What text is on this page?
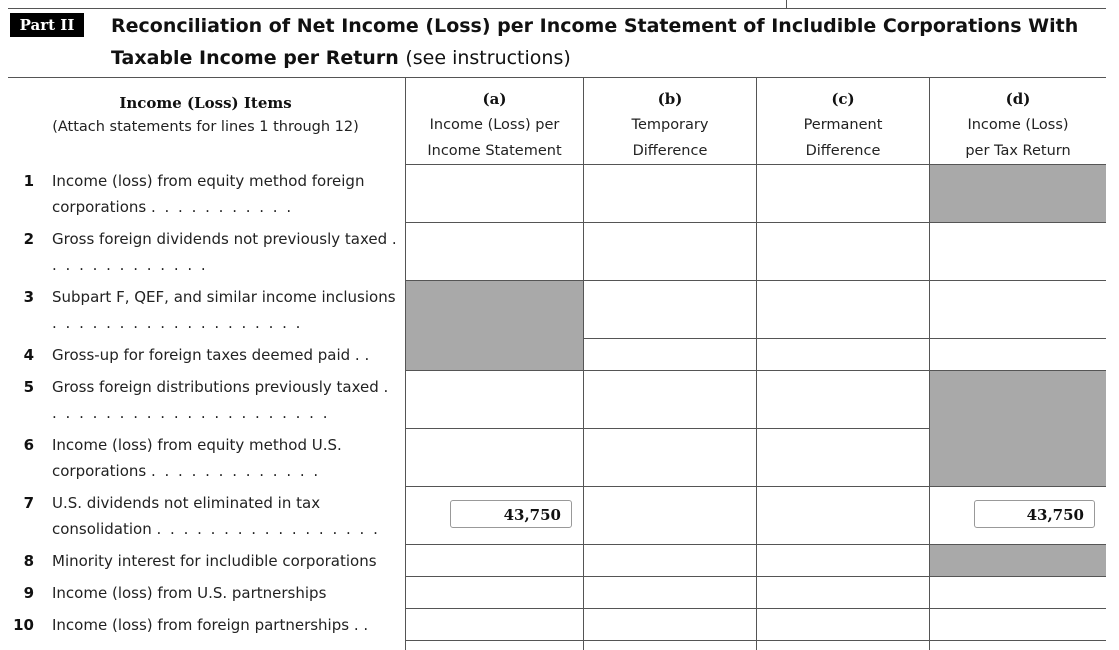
Part II	Reconciliation of Net Income (Loss) per Income Statement of Includible Corporations With
Taxable Income per Return (see instructions)
Income (Loss) Items
(Attach statements for lines 1 through 12)
(a)
Income (Loss) per
Income Statement
(b)
Temporary
Difference
(c)
Permanent
Difference
(d)
Income (Loss)
per Tax Return
1 Income (loss) from equity method foreign
corporations . . . . . . . . . . .
2 Gross foreign dividends not previously taxed .
. . . . . . . . . . . .
3 Subpart F, QEF, and similar income inclusions
. . . . . . . . . . . . . . . . . . .
4 Gross-up for foreign taxes deemed paid . .
5 Gross foreign distributions previously taxed .
. . . . . . . . . . . . . . . . . . . . .
6 Income (loss) from equity method U.S.
corporations . . . . . . . . . . . . .
7 U.S. dividends not eliminated in tax
consolidation . . . . . . . . . . . . . . . . .
8 Minority interest for includible corporations
9 Income (loss) from U.S. partnerships
10 Income (loss) from foreign partnerships . .
43,750	43,750
